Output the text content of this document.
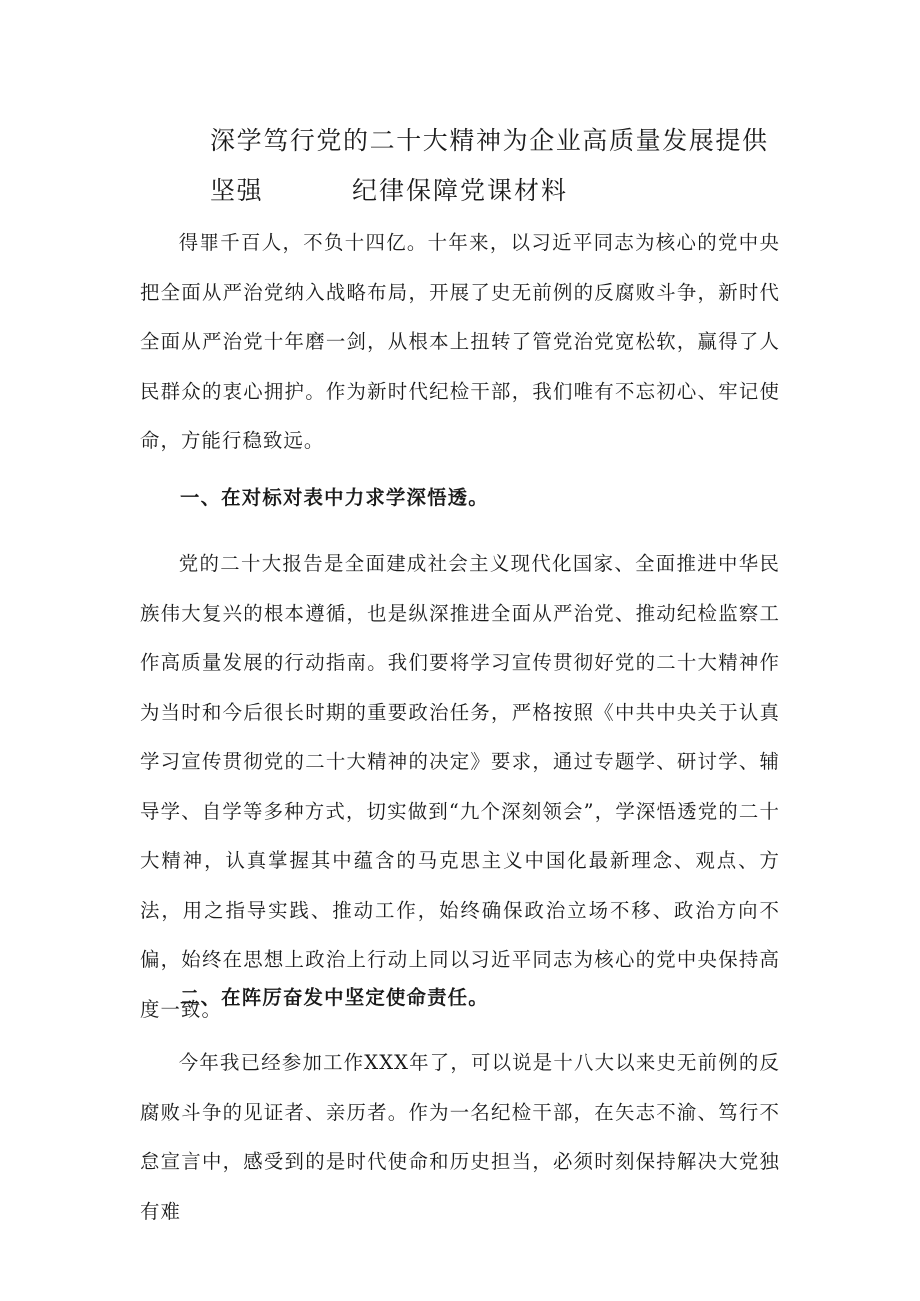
深学笃行党的二十大精神为企业高质量发展提供坚强	纪律保障党课材料

得罪千百人，不负十四亿。十年来，以习近平同志为核心的党中央把全面从严治党纳入战略布局，开展了史无前例的反腐败斗争，新时代全面从严治党十年磨一剑，从根本上扭转了管党治党宽松软，赢得了人民群众的衷心拥护。作为新时代纪检干部，我们唯有不忘初心、牢记使命，方能行稳致远。

一、在对标对表中力求学深悟透。

党的二十大报告是全面建成社会主义现代化国家、全面推进中华民族伟大复兴的根本遵循，也是纵深推进全面从严治党、推动纪检监察工作高质量发展的行动指南。我们要将学习宣传贯彻好党的二十大精神作为当时和今后很长时期的重要政治任务，严格按照《中共中央关于认真学习宣传贯彻党的二十大精神的决定》要求，通过专题学、研讨学、辅导学、自学等多种方式，切实做到“九个深刻领会”，学深悟透党的二十大精神，认真掌握其中蕴含的马克思主义中国化最新理念、观点、方法，用之指导实践、推动工作，始终确保政治立场不移、政治方向不偏，始终在思想上政治上行动上同以习近平同志为核心的党中央保持高度一致。

二、在阵厉奋发中坚定使命责任。

今年我已经参加工作XXX年了，可以说是十八大以来史无前例的反腐败斗争的见证者、亲历者。作为一名纪检干部，在矢志不渝、笃行不怠宣言中，感受到的是时代使命和历史担当，必须时刻保持解决大党独有难
